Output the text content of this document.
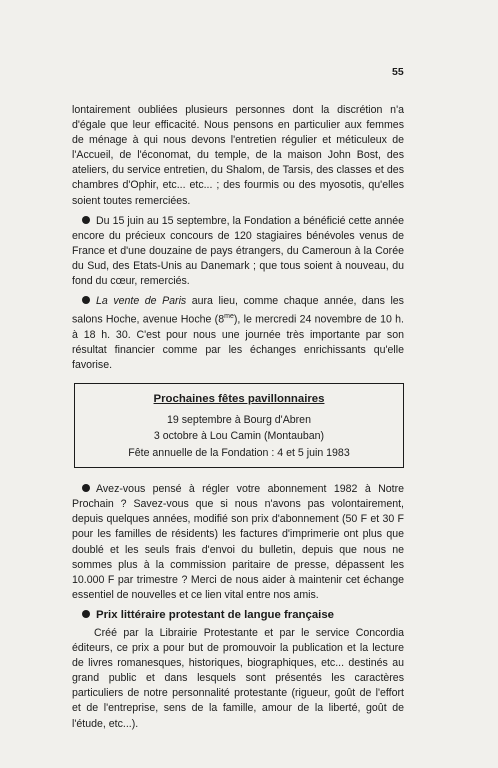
55

lontairement oubliées plusieurs personnes dont la discrétion n'a d'égale que leur efficacité. Nous pensons en particulier aux femmes de ménage à qui nous devons l'entretien régulier et méticuleux de l'Accueil, de l'économat, du temple, de la maison John Bost, des ateliers, du service entretien, du Shalom, de Tarsis, des classes et des chambres d'Ophir, etc... etc... ; des fourmis ou des myosotis, qu'elles soient toutes remerciées.

Du 15 juin au 15 septembre, la Fondation a bénéficié cette année encore du précieux concours de 120 stagiaires bénévoles venus de France et d'une douzaine de pays étrangers, du Cameroun à la Corée du Sud, des Etats-Unis au Danemark ; que tous soient à nouveau, du fond du cœur, remerciés.

La vente de Paris aura lieu, comme chaque année, dans les salons Hoche, avenue Hoche $(8^{me})$, le mercredi 24 novembre de 10 h. à 18 h. 30. C'est pour nous une journée très importante par son résultat financier comme par les échanges enrichissants qu'elle favorise.

Prochaines fêtes pavillonnaires
19 septembre à Bourg d'Abren
3 octobre à Lou Camin (Montauban)
Fête annuelle de la Fondation : 4 et 5 juin 1983

Avez-vous pensé à régler votre abonnement 1982 à Notre Prochain ? Savez-vous que si nous n'avons pas volontairement, depuis quelques années, modifié son prix d'abonnement (50 F et 30 F pour les familles de résidents) les factures d'imprimerie ont plus que doublé et les seuls frais d'envoi du bulletin, depuis que nous ne sommes plus à la commission paritaire de presse, dépassent les 10.000 F par trimestre ? Merci de nous aider à maintenir cet échange essentiel de nouvelles et ce lien vital entre nos amis.

Prix littéraire protestant de langue française

Créé par la Librairie Protestante et par le service Concordia éditeurs, ce prix a pour but de promouvoir la publication et la lecture de livres romanesques, historiques, biographiques, etc... destinés au grand public et dans lesquels sont présentés les caractères particuliers de notre personnalité protestante (rigueur, goût de l'effort et de l'entreprise, sens de la famille, amour de la liberté, goût de l'étude, etc...).
